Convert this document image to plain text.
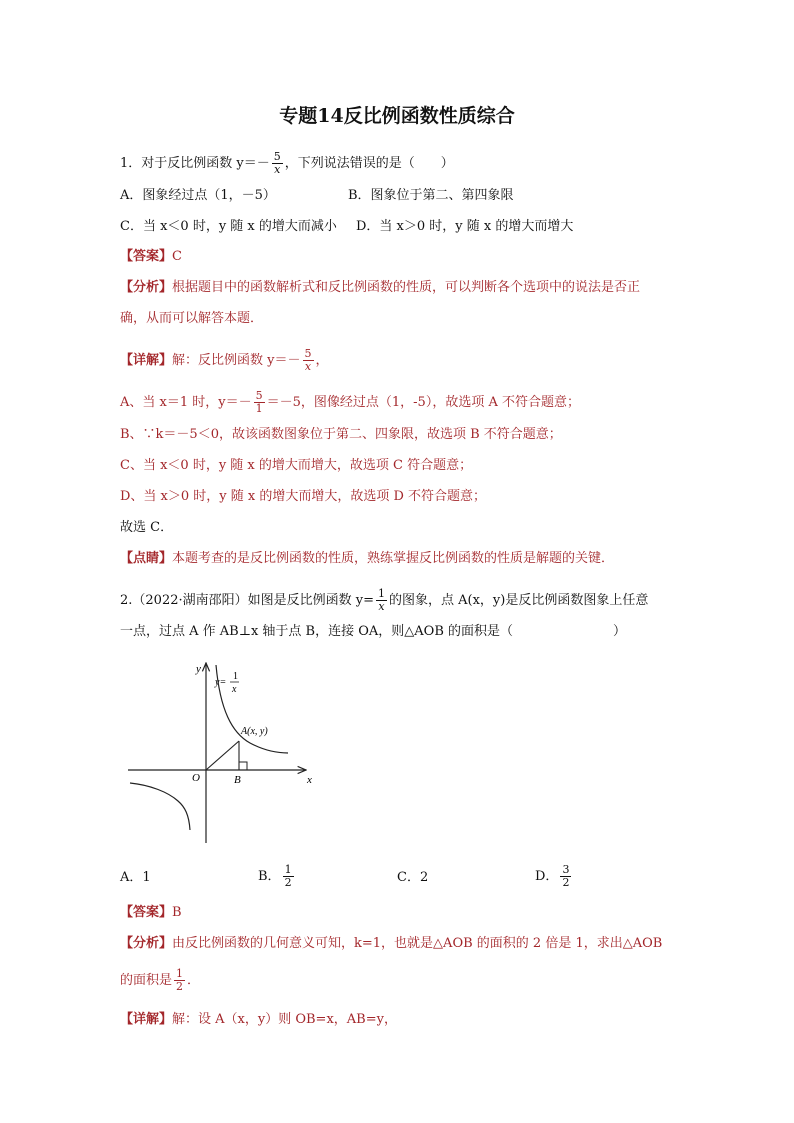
专题14反比例函数性质综合
1．对于反比例函数 $y=- \frac{5}{x}$ ，下列说法错误的是（　　）
A．图象经过点（1，－5）	B．图象位于第二、第四象限
C．当 x＜0 时，y 随 x 的增大而减小 D．当 x＞0 时，y 随 x 的增大而增大
【答案】C
【分析】根据题目中的函数解析式和反比例函数的性质，可以判断各个选项中的说法是否正
确，从而可以解答本题．
【详解】解：反比例函数 $y=- \frac{5}{x}$ ，
A、当 x＝1 时，$y=- \frac{5}{1} =-5$，图像经过点（1，-5），故选项 A 不符合题意；
B、∵k＝－5＜0，故该函数图象位于第二、四象限，故选项 B 不符合题意；
C、当 x＜0 时，y 随 x 的增大而增大，故选项 C 符合题意；
D、当 x＞0 时，y 随 x 的增大而增大，故选项 D 不符合题意；
故选 C．
【点睛】本题考查的是反比例函数的性质，熟练掌握反比例函数的性质是解题的关键．
2.（2022·湖南邵阳）如图是反比例函数 $y= \frac{1}{x}$ 的图象，点 A(x，y)是反比例函数图象上任意
一点，过点 A 作 AB⊥x 轴于点 B，连接 OA，则△AOB 的面积是（	）
y
x
O
A(x, y)
B
y=
1
x
A．1	B． $\frac{1}{2}$	C．2	D． $\frac{3}{2}$
【答案】B
【分析】由反比例函数的几何意义可知，k=1，也就是△AOB 的面积的 2 倍是 1，求出△AOB
的面积是 $\frac{1}{2}$ ．
【详解】解：设 A（x，y）则 OB=x，AB=y，
